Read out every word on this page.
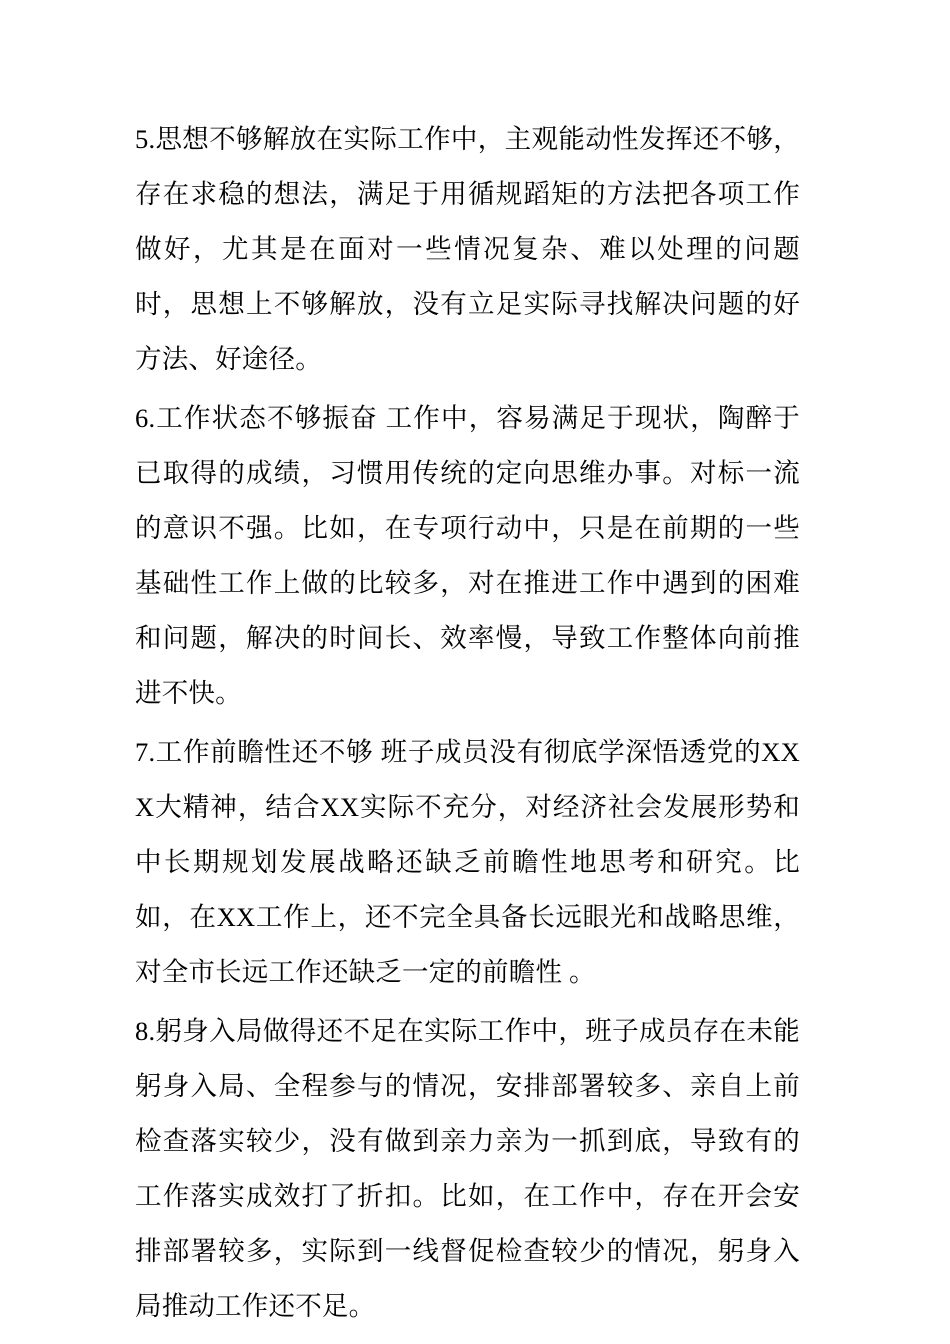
5.思想不够解放在实际工作中，主观能动性发挥还不够，存在求稳的想法，满足于用循规蹈矩的方法把各项工作做好，尤其是在面对一些情况复杂、难以处理的问题时，思想上不够解放，没有立足实际寻找解决问题的好方法、好途径。

6.工作状态不够振奋 工作中，容易满足于现状，陶醉于已取得的成绩，习惯用传统的定向思维办事。对标一流的意识不强。比如，在专项行动中，只是在前期的一些基础性工作上做的比较多，对在推进工作中遇到的困难和问题，解决的时间长、效率慢，导致工作整体向前推进不快。

7.工作前瞻性还不够 班子成员没有彻底学深悟透党的XXX大精神，结合XX实际不充分，对经济社会发展形势和中长期规划发展战略还缺乏前瞻性地思考和研究。比如，在XX工作上，还不完全具备长远眼光和战略思维，对全市长远工作还缺乏一定的前瞻性 。

8.躬身入局做得还不足在实际工作中，班子成员存在未能躬身入局、全程参与的情况，安排部署较多、亲自上前检查落实较少，没有做到亲力亲为一抓到底，导致有的工作落实成效打了折扣。比如，在工作中，存在开会安排部署较多，实际到一线督促检查较少的情况，躬身入局推动工作还不足。
